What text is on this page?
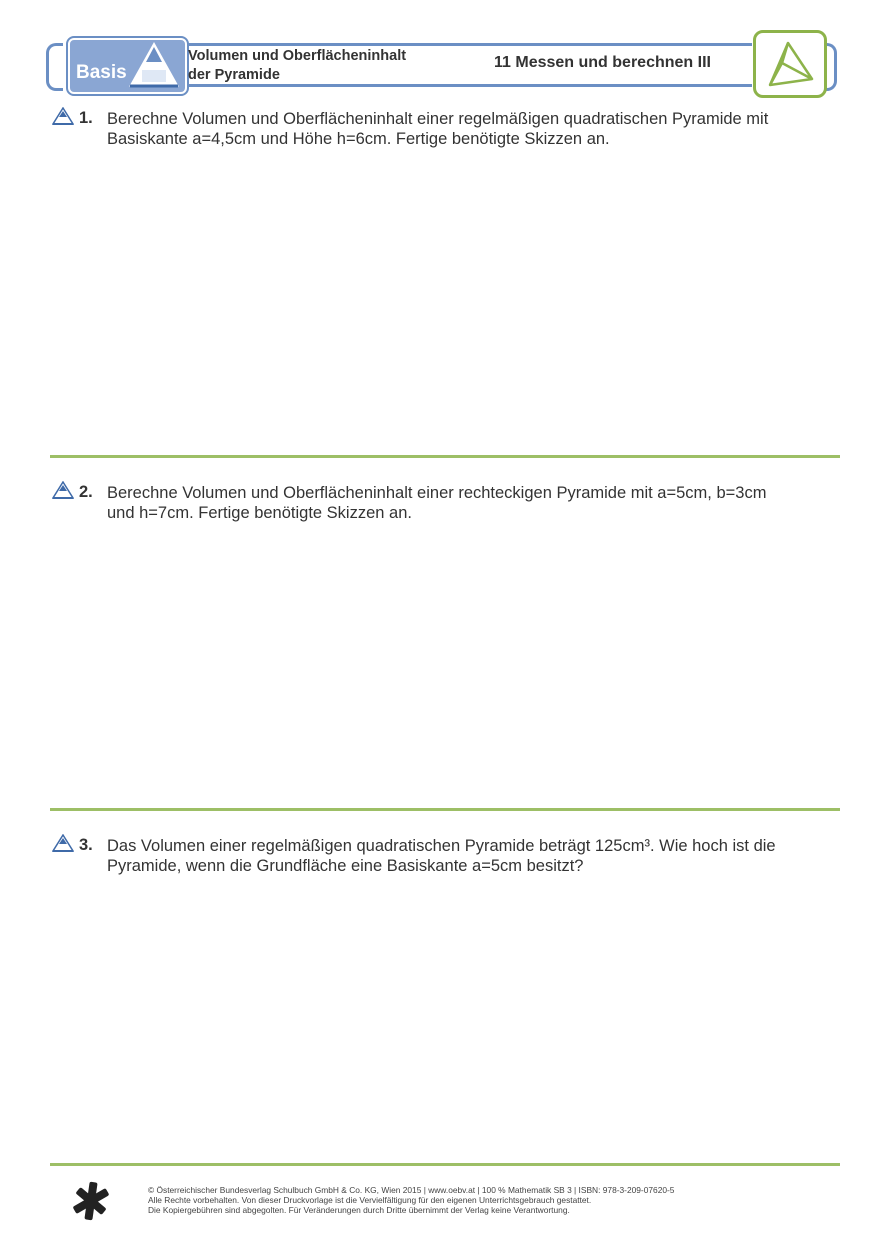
Basis
Volumen und Oberflächeninhalt
der Pyramide
11 Messen und berechnen III
1. Berechne Volumen und Oberflächeninhalt einer regelmäßigen quadratischen Pyramide mit
Basiskante a=4,5cm und Höhe h=6cm. Fertige benötigte Skizzen an.
2. Berechne Volumen und Oberflächeninhalt einer rechteckigen Pyramide mit a=5cm, b=3cm
und h=7cm. Fertige benötigte Skizzen an.
3. Das Volumen einer regelmäßigen quadratischen Pyramide beträgt 125cm³. Wie hoch ist die
Pyramide, wenn die Grundfläche eine Basiskante a=5cm besitzt?
© Österreichischer Bundesverlag Schulbuch GmbH & Co. KG, Wien 2015 | www.oebv.at | 100 % Mathematik SB 3 | ISBN: 978-3-209-07620-5
Alle Rechte vorbehalten. Von dieser Druckvorlage ist die Vervielfältigung für den eigenen Unterrichtsgebrauch gestattet.
Die Kopiergebühren sind abgegolten. Für Veränderungen durch Dritte übernimmt der Verlag keine Verantwortung.
